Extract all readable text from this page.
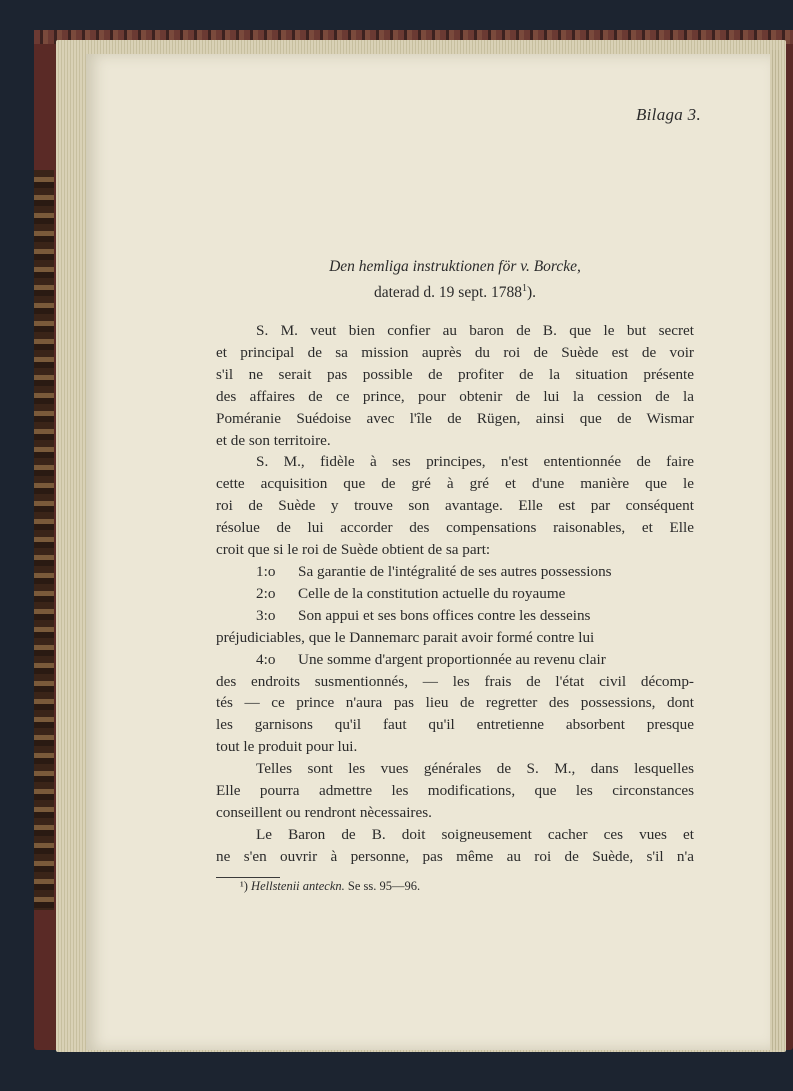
Bilaga 3.
Den hemliga instruktionen för v. Borcke,
daterad d. 19 sept. 1788$^1$).

S. M. veut bien confier au baron de B. que le but secret
et principal de sa mission auprès du roi de Suède est de voir
s'il ne serait pas possible de profiter de la situation présente
des affaires de ce prince, pour obtenir de lui la cession de la
Poméranie Suédoise avec l'île de Rügen, ainsi que de Wismar
et de son territoire.

S. M., fidèle à ses principes, n'est ententionnée de faire
cette acquisition que de gré à gré et d'une manière que le
roi de Suède y trouve son avantage. Elle est par conséquent
résolue de lui accorder des compensations raisonables, et Elle
croit que si le roi de Suède obtient de sa part:

1:o Sa garantie de l'intégralité de ses autres possessions
2:o Celle de la constitution actuelle du royaume
3:o Son appui et ses bons offices contre les desseins
préjudiciables, que le Dannemarc parait avoir formé contre lui
4:o Une somme d'argent proportionnée au revenu clair
des endroits susmentionnés, — les frais de l'état civil décomp-
tés — ce prince n'aura pas lieu de regretter des possessions, dont
les garnisons qu'il faut qu'il entretienne absorbent presque
tout le produit pour lui.

Telles sont les vues générales de S. M., dans lesquelles
Elle pourra admettre les modifications, que les circonstances
conseillent ou rendront nècessaires.

Le Baron de B. doit soigneusement cacher ces vues et
ne s'en ouvrir à personne, pas même au roi de Suède, s'il n'a

¹) Hellstenii anteckn. Se ss. 95—96.
